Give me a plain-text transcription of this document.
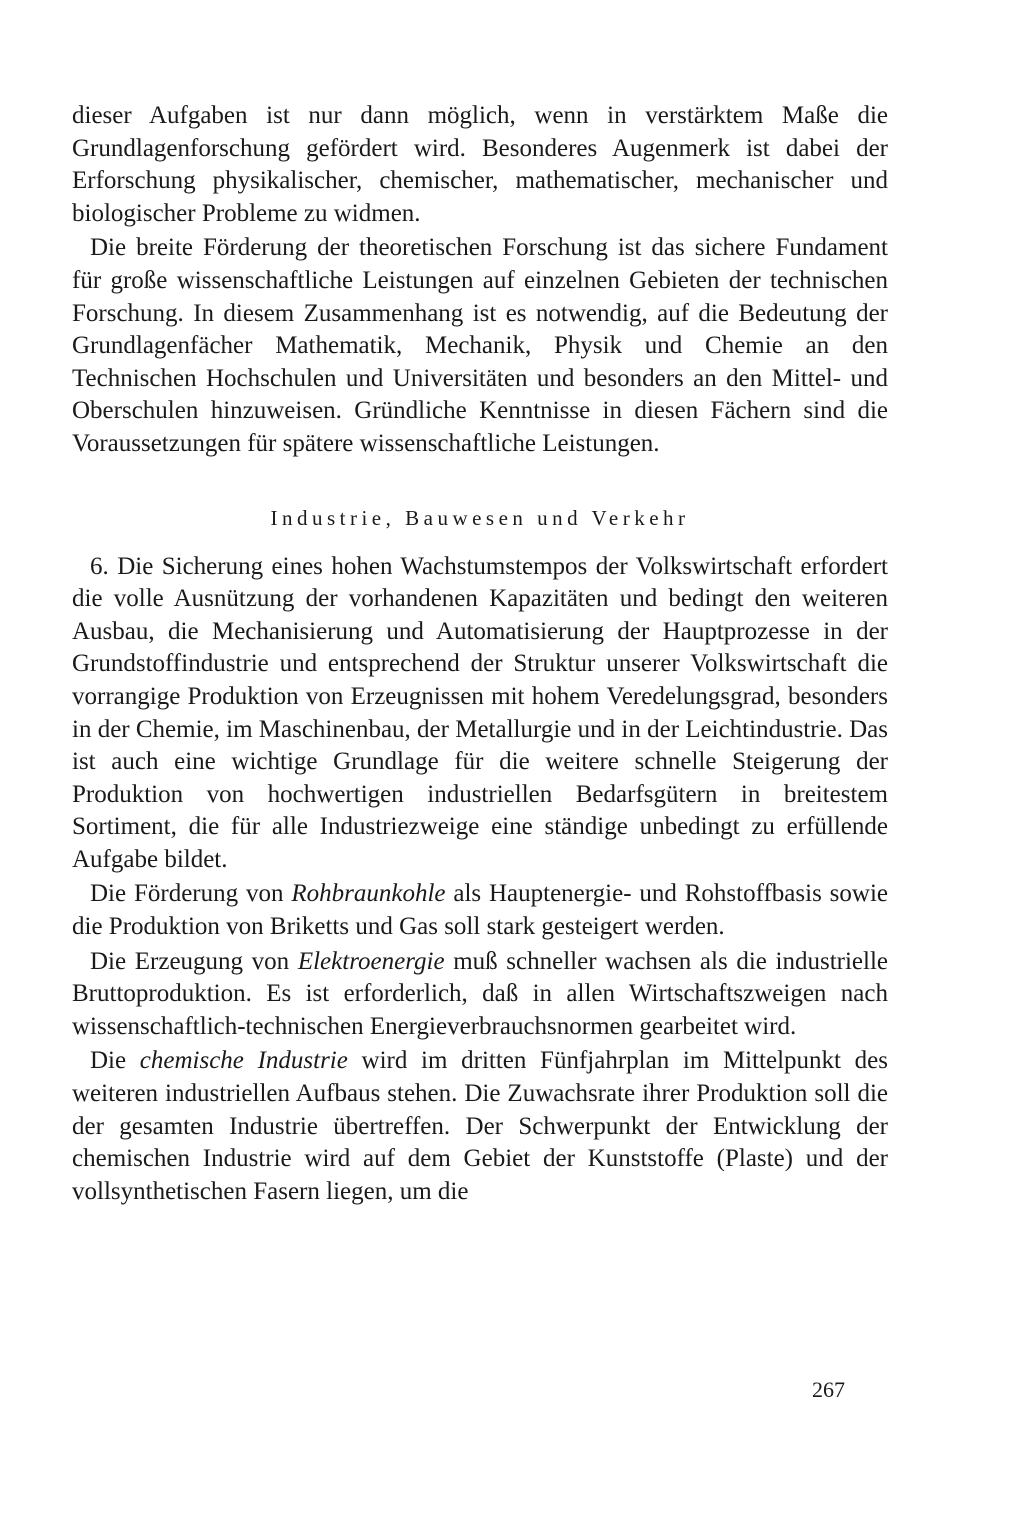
dieser Aufgaben ist nur dann möglich, wenn in verstärktem Maße die Grundlagenforschung gefördert wird. Besonderes Augenmerk ist dabei der Erforschung physikalischer, chemischer, mathematischer, mechanischer und biologischer Probleme zu widmen.

Die breite Förderung der theoretischen Forschung ist das sichere Fundament für große wissenschaftliche Leistungen auf einzelnen Gebieten der technischen Forschung. In diesem Zusammenhang ist es notwendig, auf die Bedeutung der Grundlagenfächer Mathematik, Mechanik, Physik und Chemie an den Technischen Hochschulen und Universitäten und besonders an den Mittel- und Oberschulen hinzuweisen. Gründliche Kenntnisse in diesen Fächern sind die Voraussetzungen für spätere wissenschaftliche Leistungen.

Industrie, Bauwesen und Verkehr

6. Die Sicherung eines hohen Wachstumstempos der Volkswirtschaft erfordert die volle Ausnützung der vorhandenen Kapazitäten und bedingt den weiteren Ausbau, die Mechanisierung und Automatisierung der Hauptprozesse in der Grundstoffindustrie und entsprechend der Struktur unserer Volkswirtschaft die vorrangige Produktion von Erzeugnissen mit hohem Veredelungsgrad, besonders in der Chemie, im Maschinenbau, der Metallurgie und in der Leichtindustrie. Das ist auch eine wichtige Grundlage für die weitere schnelle Steigerung der Produktion von hochwertigen industriellen Bedarfsgütern in breitestem Sortiment, die für alle Industriezweige eine ständige unbedingt zu erfüllende Aufgabe bildet.

Die Förderung von Rohbraunkohle als Hauptenergie- und Rohstoffbasis sowie die Produktion von Briketts und Gas soll stark gesteigert werden.

Die Erzeugung von Elektroenergie muß schneller wachsen als die industrielle Bruttoproduktion. Es ist erforderlich, daß in allen Wirtschaftszweigen nach wissenschaftlich-technischen Energieverbrauchsnormen gearbeitet wird.

Die chemische Industrie wird im dritten Fünfjahrplan im Mittelpunkt des weiteren industriellen Aufbaus stehen. Die Zuwachsrate ihrer Produktion soll die der gesamten Industrie übertreffen. Der Schwerpunkt der Entwicklung der chemischen Industrie wird auf dem Gebiet der Kunststoffe (Plaste) und der vollsynthetischen Fasern liegen, um die

267
